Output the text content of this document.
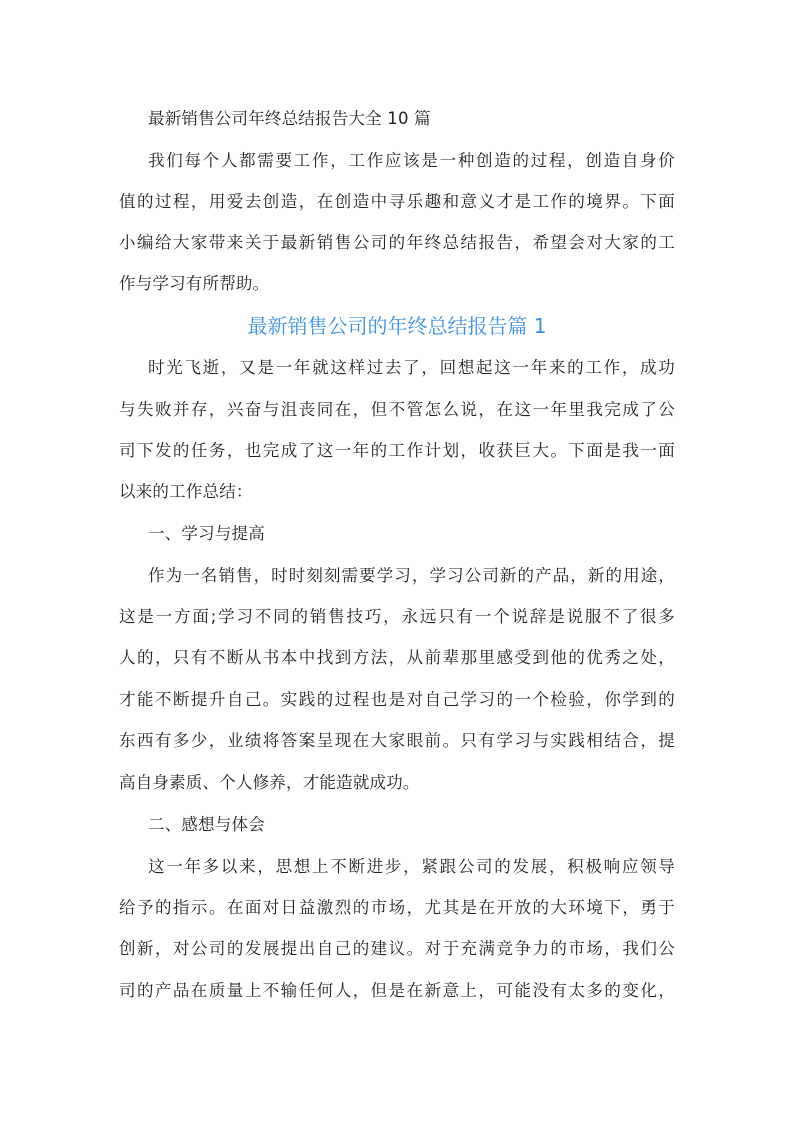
最新销售公司年终总结报告大全 10 篇
我们每个人都需要工作，工作应该是一种创造的过程，创造自身价
值的过程，用爱去创造，在创造中寻乐趣和意义才是工作的境界。下面
小编给大家带来关于最新销售公司的年终总结报告，希望会对大家的工
作与学习有所帮助。
最新销售公司的年终总结报告篇 1
时光飞逝，又是一年就这样过去了，回想起这一年来的工作，成功
与失败并存，兴奋与沮丧同在，但不管怎么说，在这一年里我完成了公
司下发的任务，也完成了这一年的工作计划，收获巨大。下面是我一面
以来的工作总结：
一、学习与提高
作为一名销售，时时刻刻需要学习，学习公司新的产品，新的用途，
这是一方面;学习不同的销售技巧，永远只有一个说辞是说服不了很多
人的，只有不断从书本中找到方法，从前辈那里感受到他的优秀之处，
才能不断提升自己。实践的过程也是对自己学习的一个检验，你学到的
东西有多少，业绩将答案呈现在大家眼前。只有学习与实践相结合，提
高自身素质、个人修养，才能造就成功。
二、感想与体会
这一年多以来，思想上不断进步，紧跟公司的发展，积极响应领导
给予的指示。在面对日益激烈的市场，尤其是在开放的大环境下，勇于
创新，对公司的发展提出自己的建议。对于充满竞争力的市场，我们公
司的产品在质量上不输任何人，但是在新意上，可能没有太多的变化，
